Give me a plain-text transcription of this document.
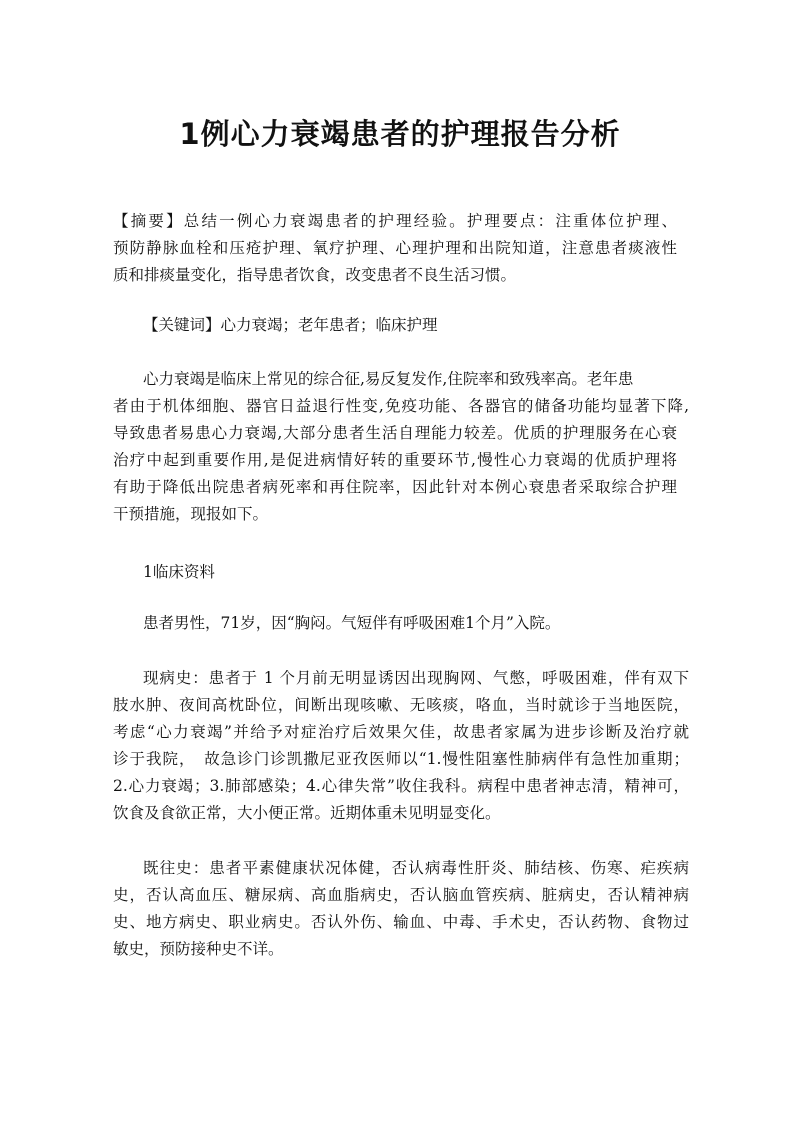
1例心力衰竭患者的护理报告分析
【摘要】总结一例心力衰竭患者的护理经验。护理要点：注重体位护理、
预防静脉血栓和压疮护理、氧疗护理、心理护理和出院知道，注意患者痰液性
质和排痰量变化，指导患者饮食，改变患者不良生活习惯。
【关键词】心力衰竭；老年患者；临床护理
心力衰竭是临床上常见的综合征,易反复发作,住院率和致残率高。老年患
者由于机体细胞、器官日益退行性变,免疫功能、各器官的储备功能均显著下降,
导致患者易患心力衰竭,大部分患者生活自理能力较差。优质的护理服务在心衰
治疗中起到重要作用,是促进病情好转的重要环节,慢性心力衰竭的优质护理将
有助于降低出院患者病死率和再住院率，因此针对本例心衰患者采取综合护理
干预措施，现报如下。
1临床资料
患者男性，71岁，因“胸闷。气短伴有呼吸困难1个月”入院。
现病史：患者于 1 个月前无明显诱因出现胸网、气憋，呼吸困难，伴有双下
肢水肿、夜间高枕卧位，间断出现咳嗽、无咳痰，咯血，当时就诊于当地医院，
考虑“心力衰竭”并给予对症治疗后效果欠佳，故患者家属为进步诊断及治疗就
诊于我院，　故急诊门诊凯撒尼亚孜医师以“1.慢性阻塞性肺病伴有急性加重期；
2.心力衰竭；3.肺部感染；4.心律失常”收住我科。病程中患者神志清，精神可，
饮食及食欲正常，大小便正常。近期体重未见明显变化。
既往史：患者平素健康状况体健，否认病毒性肝炎、肺结核、伤寒、疟疾病
史，否认高血压、糖尿病、高血脂病史，否认脑血管疾病、脏病史，否认精神病
史、地方病史、职业病史。否认外伤、输血、中毒、手术史，否认药物、食物过
敏史，预防接种史不详。
